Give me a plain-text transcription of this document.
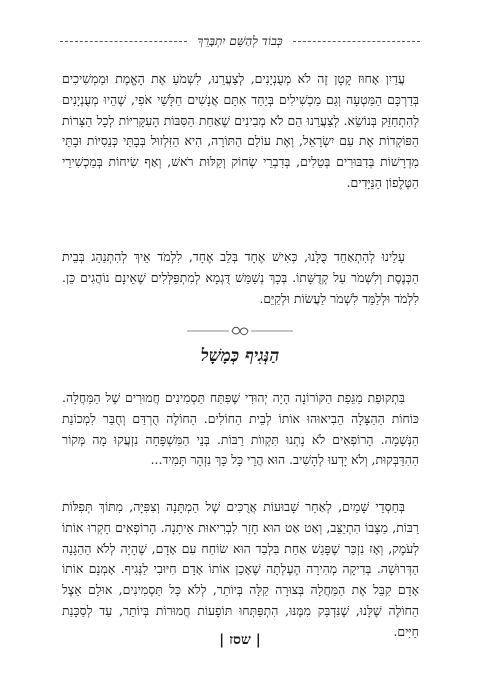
כְּבוֹד לְהַשֵּׁם יִתְבָּרֵךְ

עֲדַיִן אָחוּז קָטָן זֶה לֹא מְעֻנְיָנִים, לְצַעֲרֵנוּ, לִשְׁמֹעַ אֶת הָאֱמֶת וּמַמְשִׁיכִים בְּדַרְכָּם הַמַּטְעָה וְגַם מַכְשִׁילִים בְּיַחַד אִתָּם אֲנָשִׁים חַלָּשֵׁי אֹפִי, שֶׁהֵיוּ מְעֻנְיָנִים לְהִתְחַזֵּק בְּנוֹשֵׂא. לְצַעֲרֵנוּ הֵם לֹא מְבִינִים שֶׁאַחַת הַסִּבּוֹת הָעִקָּרִיּוֹת לְכָל הַצָּרוֹת הַפּוֹקְדוֹת אֶת עַם יִשְׂרָאֵל, וְאֶת עוֹלַם הַתּוֹרָה, הִיא הַזִּלְזוּל בְּבָתֵּי כְּנֵסִיּוֹת וּבָתֵּי מִדְרָשׁוֹת בְּדִבּוּרִים בְּטֵלִים, בְּדִבְרֵי שְׂחוֹק וְקַלּוּת רֹאשׁ, וְאַף שִׂיחוֹת בְּמַכְשִׁירֵי הַטֶּלֶפוֹן הַנַּיָּדִים.

עָלֵינוּ לְהִתְאַחֵד כֻּלָּנוּ, כְּאִישׁ אֶחָד בְּלֵב אֶחָד, לִלְמֹד אֵיךְ לְהִתְנַהֵג בְּבֵית הַכְּנֶסֶת וְלִשְׁמֹר עַל קְדֻשָּׁתוֹ. בְּכָךְ נְשַׁמֵּשׁ דֻּגְמָא לְמִתְפַּלְּלִים שֶׁאֵינָם נוֹהֲגִים כֵּן. לִלְמֹד וּלְלַמֵּד לִשְׁמֹר לַעֲשׂוֹת וּלְקַיֵּם.

הַנְּגִיף כְּמָשָׁל

בִּתְקוּפַת מַגֵּפַת הַקּוֹרוֹנָה הָיָה יְהוּדִי שֶׁפִּתַּח תַּסְמִינִים חֲמוּרִים שֶׁל הַמַּחֲלָה. כּוֹחוֹת הַהַצָּלָה הֵבִיאוּהוּ אוֹתוֹ לְבֵית הַחוֹלִים. הַחוֹלֶה הֻרְדַּם וְחֻבַּר לִמְכוֹנַת הַנְּשָׁמָה. הָרוֹפְאִים לֹא נָתְנוּ תִּקְווֹת רַבּוֹת. בְּנֵי הַמִּשְׁפָּחָה נִזְעֲקוּ מָה מְּקוֹר הַהִדַּבְּקוּת, וְלֹא יָדְעוּ לְהָשִׁיב. הוּא הֲרֵי כָּל כָּךְ נִזְהָר תָּמִיד...

בְּחַסְדֵי שָׁמַיִם, לְאַחַר שָׁבוּעוֹת אֲרֻכִּים שֶׁל הַמְתָּנָה וְצִפִּיָּה, מִתּוֹךְ תְּפִלּוֹת רַבּוֹת, מַצָּבוֹ הִתְיַצֵּב, וְאַט אַט הוּא חָזַר לִבְרִיאוּת אֵיתָנָה. הָרוֹפְאִים חָקְרוּ אוֹתוֹ לְעֹמֶק, וְאָז נִזְכַּר שֶׁפָּגַשׁ אַחַת בִּלְבַד הוּא שׂוֹחַח עִם אָדָם, שֶׁהָיָה לְלֹא הַהַגָּנָה הַדְּרוּשָׁה. בְּדִיקָה מְהִירָה הֶעֶלְתָה שֶׁאָכֵן אוֹתוֹ אָדָם חִיּוּבִי לַנְּגִיף. אָמְנָם אוֹתוֹ אָדָם קִבֵּל אֶת הַמַּחֲלָה בְּצוּרָה קַלָּה בְּיוֹתֵר, לְלֹא כָּל תַּסְמִינִים, אוּלָם אֵצֶל הַחוֹלֶה שֶׁלָּנוּ, שֶׁנִּדְבַּק מִמֶּנּוּ, הִתְפַּתְּחוּ תּוֹפָעוֹת חֲמוּרוֹת בְּיוֹתֵר, עַד לְסַכָּנַת חַיִּים.

| שסז |
